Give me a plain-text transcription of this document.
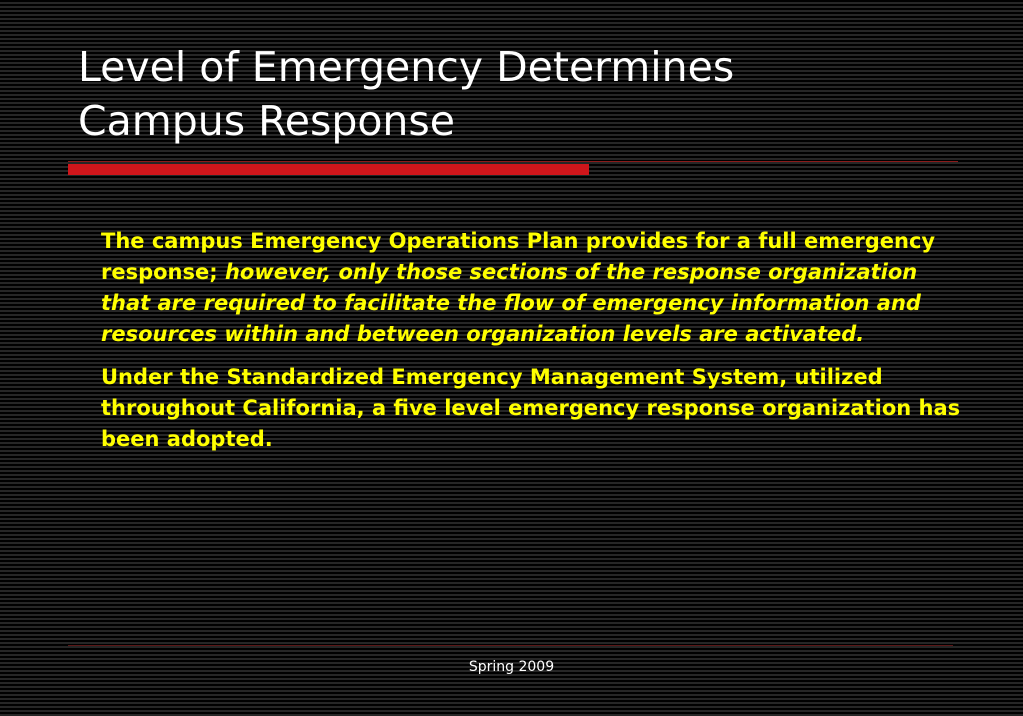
Level of Emergency Determines
Campus Response

The campus Emergency Operations Plan provides for a full emergency response; however, only those sections of the response organization that are required to facilitate the flow of emergency information and resources within and between organization levels are activated.

Under the Standardized Emergency Management System, utilized throughout California, a five level emergency response organization has been adopted.

Spring 2009
